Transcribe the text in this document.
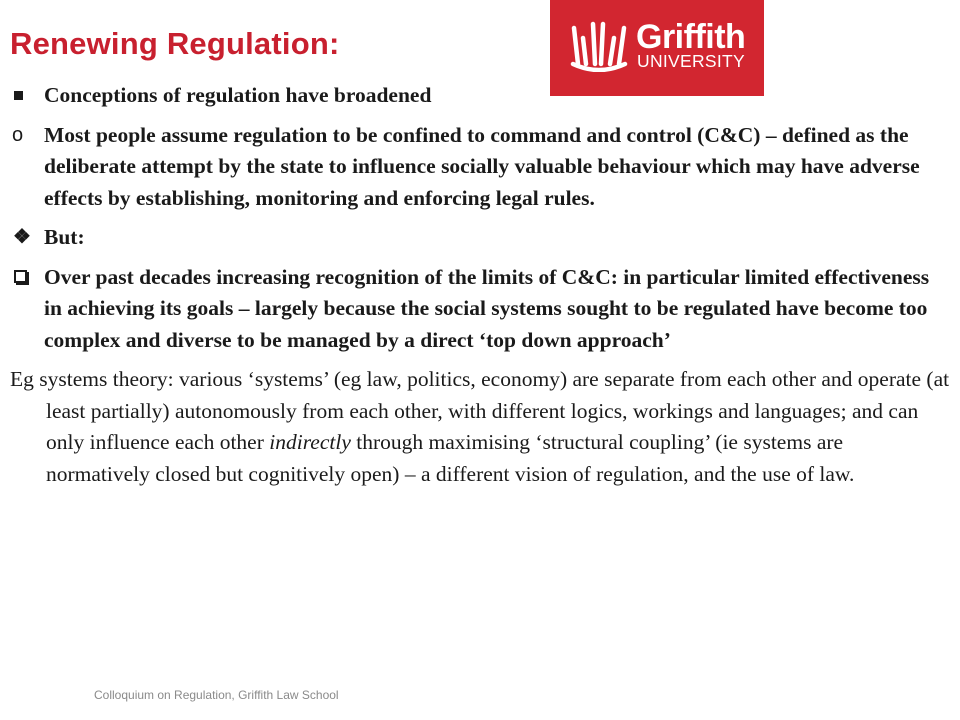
Renewing Regulation:	Griffith
UNIVERSITY
Conceptions of regulation have broadened
o Most people assume regulation to be confined to command and control (C&C) – defined as the deliberate attempt by the state to influence socially valuable behaviour which may have adverse effects by establishing, monitoring and enforcing legal rules.
❖ But:
Over past decades increasing recognition of the limits of C&C: in particular limited effectiveness in achieving its goals – largely because the social systems sought to be regulated have become too complex and diverse to be managed by a direct ‘top down approach’
Eg systems theory: various ‘systems’ (eg law, politics, economy) are separate from each other and operate (at least partially) autonomously from each other, with different logics, workings and languages; and can only influence each other indirectly through maximising ‘structural coupling’ (ie systems are normatively closed but cognitively open) – a different vision of regulation, and the use of law.
Colloquium on Regulation, Griffith Law School
